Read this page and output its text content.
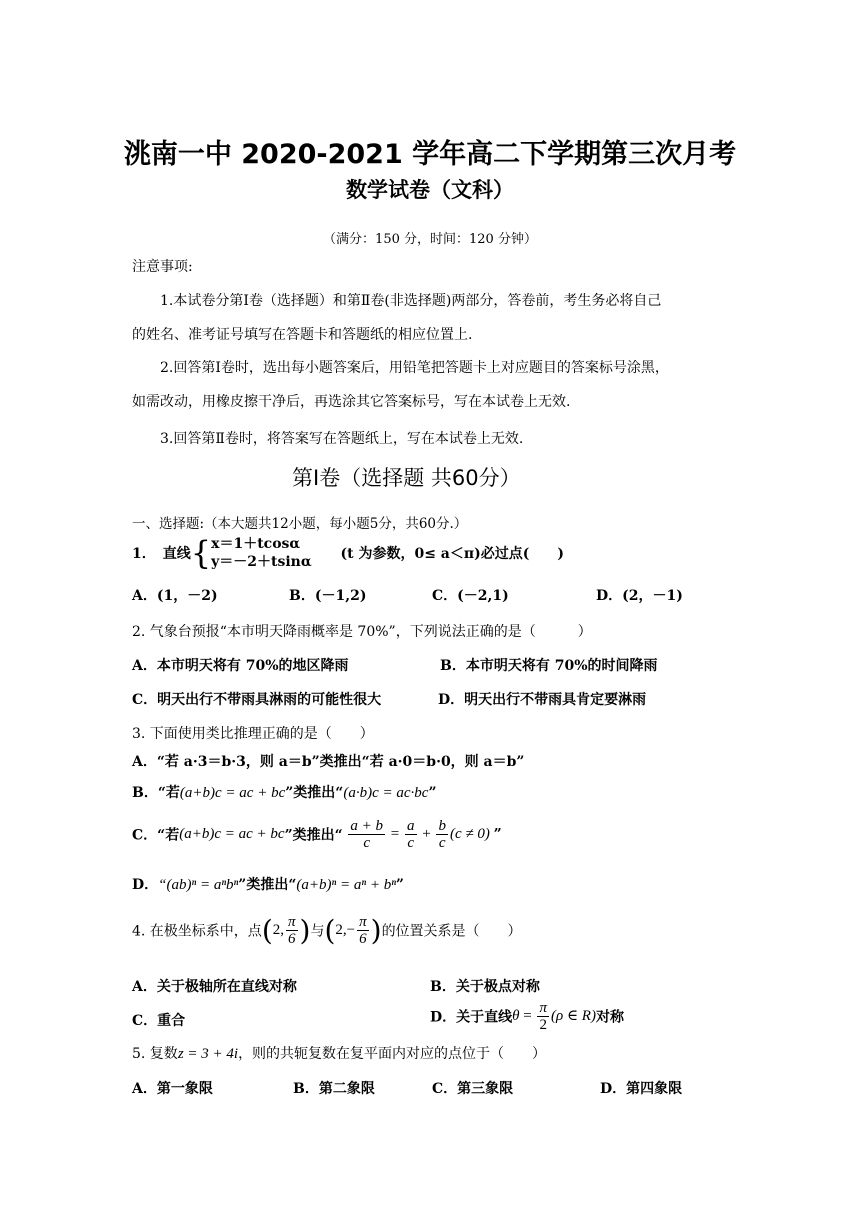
洮南一中 2020-2021 学年高二下学期第三次月考
数学试卷（文科）
（满分：150 分，时间：120 分钟）
注意事项:
1.本试卷分第Ⅰ卷（选择题）和第Ⅱ卷(非选择题)两部分，答卷前，考生务必将自己
的姓名、准考证号填写在答题卡和答题纸的相应位置上.
2.回答第Ⅰ卷时，选出每小题答案后，用铅笔把答题卡上对应题目的答案标号涂黑，
如需改动，用橡皮擦干净后，再选涂其它答案标号，写在本试卷上无效.
3.回答第Ⅱ卷时，将答案写在答题纸上，写在本试卷上无效.
第Ⅰ卷（选择题 共60分）
一、选择题:（本大题共12小题，每小题5分，共60分.）
1．　直线{ x＝1＋tcosα
y＝－2＋tsinα (t 为参数，0≤ a＜π)必过点(　　)
A．(1，－2)	B．(－1,2)	C．(－2,1)	D．(2，－1)
2. 气象台预报“本市明天降雨概率是 70%”，下列说法正确的是（　　　）
A．本市明天将有 70%的地区降雨	B．本市明天将有 70%的时间降雨
C．明天出行不带雨具淋雨的可能性很大	D．明天出行不带雨具肯定要淋雨
3. 下面使用类比推理正确的是（　　）
A．“若 a·3＝b·3，则 a＝b”类推出“若 a·0＝b·0，则 a＝b”
B．“若(a+b)c = ac + bc”类推出“(a·b)c = ac·bc”
C．“若(a+b)c = ac + bc”类推出“ $\frac{a + b}{c} = \frac{a}{c} + \frac{b}{c} (c \ne 0)$ ”
D．“(ab)ⁿ = aⁿbⁿ”类推出“(a+b)ⁿ = aⁿ + bⁿ”
4. 在极坐标系中，点(2, $\frac{\pi}{6}$ )与($2,- \frac{\pi}{6}$ )的位置关系是（　　）
A．关于极轴所在直线对称	B．关于极点对称
C．重合	D．关于直线$\theta = \frac{\pi}{2} (\rho$ ∈ R)对称
5. 复数z = 3 + 4i，则的共轭复数在复平面内对应的点位于（　　）
A．第一象限	B．第二象限	C．第三象限	D．第四象限
